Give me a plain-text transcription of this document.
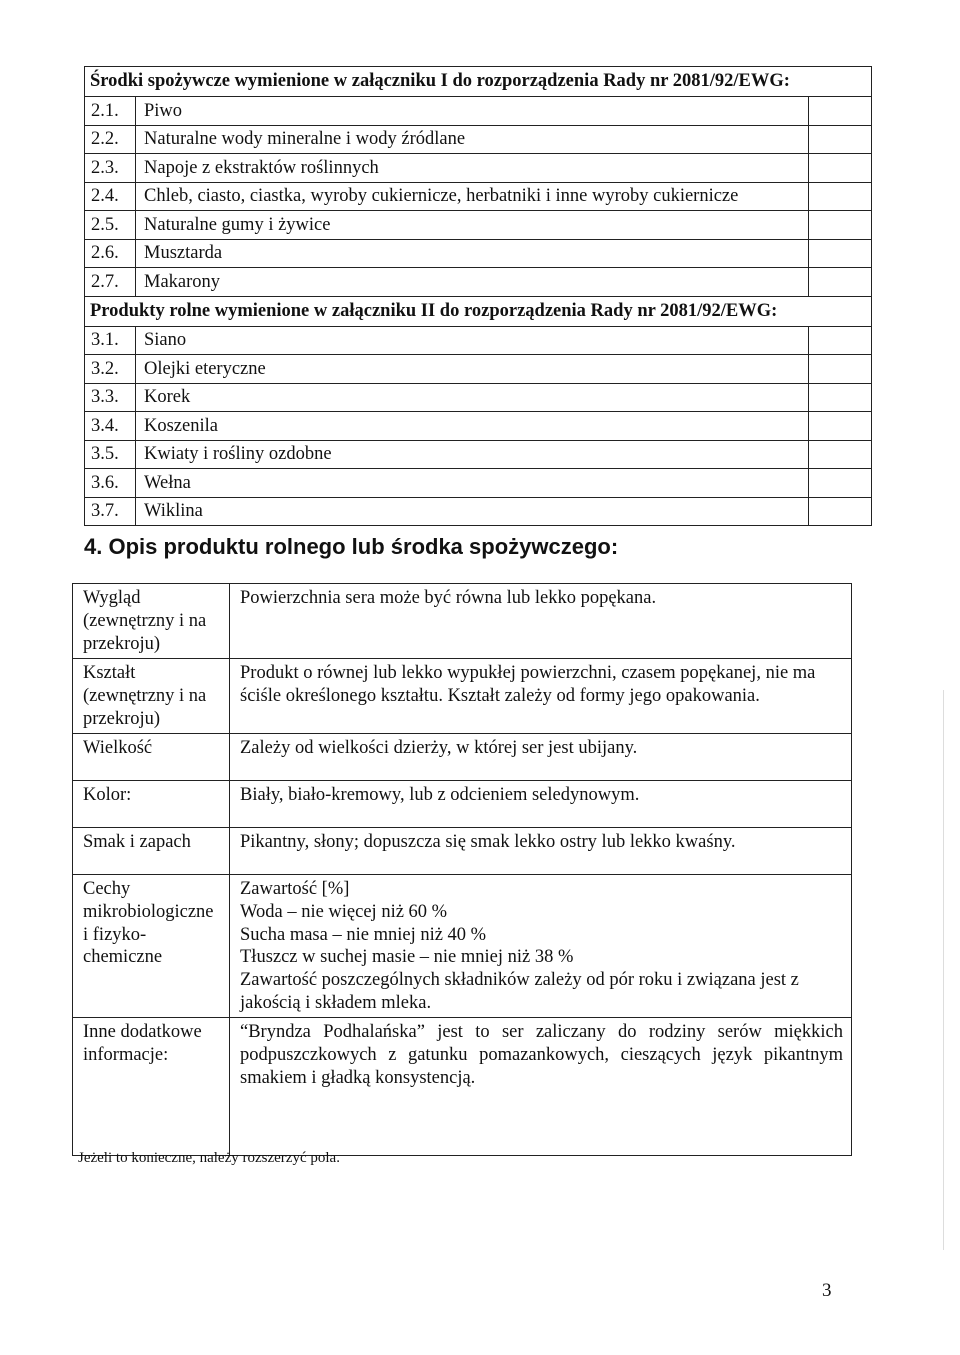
Środki spożywcze wymienione w załączniku I do rozporządzenia Rady nr 2081/92/EWG:		
2.1.	Piwo	
2.2.	Naturalne wody mineralne i wody źródlane	
2.3.	Napoje z ekstraktów roślinnych	
2.4.	Chleb, ciasto, ciastka, wyroby cukiernicze, herbatniki i inne wyroby cukiernicze	
2.5.	Naturalne gumy i żywice	
2.6.	Musztarda	
2.7.	Makarony	
Produkty rolne wymienione w załączniku II do rozporządzenia Rady nr 2081/92/EWG:		
3.1.	Siano	
3.2.	Olejki eteryczne	
3.3.	Korek	
3.4.	Koszenila	
3.5.	Kwiaty i rośliny ozdobne	
3.6.	Wełna	
3.7.	Wiklina	
4. Opis produktu rolnego lub środka spożywczego:
Wygląd (zewnętrzny i na przekroju)	Powierzchnia sera może być równa lub lekko popękana.
Kształt (zewnętrzny i na przekroju)	Produkt o równej lub lekko wypukłej powierzchni, czasem popękanej, nie ma ściśle określonego kształtu. Kształt zależy od formy jego opakowania.
Wielkość	Zależy od wielkości dzierży, w której ser jest ubijany.
Kolor:	Biały, biało-kremowy, lub z odcieniem seledynowym.
Smak i zapach	Pikantny, słony; dopuszcza się smak lekko ostry lub lekko kwaśny.
Cechy mikrobiologiczne i fizyko-chemiczne	Zawartość [%]

Woda – nie więcej niż 60 %

Sucha masa – nie mniej niż 40 %

Tłuszcz w suchej masie – nie mniej niż 38 %

Zawartość poszczególnych składników zależy od pór roku i związana jest z jakością i składem mleka.

Inne dodatkowe informacje:	“Bryndza Podhalańska” jest to ser zaliczany do rodziny serów miękkich podpuszczkowych z gatunku pomazankowych, cieszących język pikantnym smakiem i gładką konsystencją.

Jeżeli to konieczne, należy rozszerzyć pola.

3
